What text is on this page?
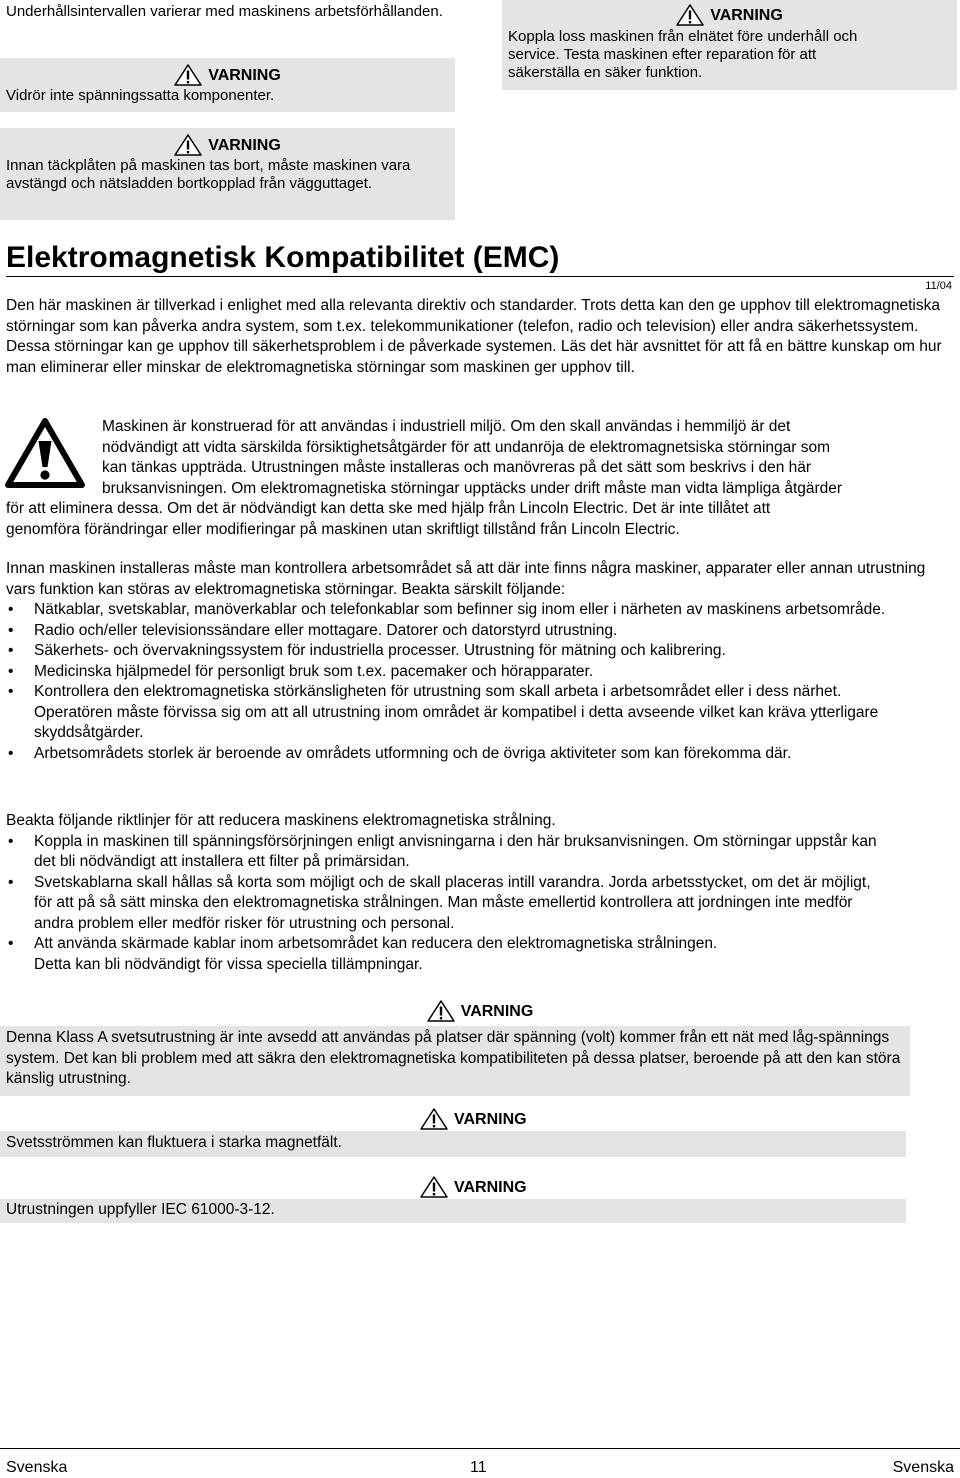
Underhållsintervallen varierar med maskinens arbetsförhållanden.
VARNING
Vidrör inte spänningssatta komponenter.
VARNING
Koppla loss maskinen från elnätet före underhåll och service. Testa maskinen efter reparation för att säkerställa en säker funktion.
VARNING
Innan täckplåten på maskinen tas bort, måste maskinen vara avstängd och nätsladden bortkopplad från vägguttaget.
Elektromagnetisk Kompatibilitet (EMC)
11/04
Den här maskinen är tillverkad i enlighet med alla relevanta direktiv och standarder. Trots detta kan den ge upphov till elektromagnetiska störningar som kan påverka andra system, som t.ex. telekommunikationer (telefon, radio och television) eller andra säkerhetssystem. Dessa störningar kan ge upphov till säkerhetsproblem i de påverkade systemen. Läs det här avsnittet för att få en bättre kunskap om hur man eliminerar eller minskar de elektromagnetiska störningar som maskinen ger upphov till.
Maskinen är konstruerad för att användas i industriell miljö. Om den skall användas i hemmiljö är det
nödvändigt att vidta särskilda försiktighetsåtgärder för att undanröja de elektromagnetsiska störningar som
kan tänkas uppträda. Utrustningen måste installeras och manövreras på det sätt som beskrivs i den här
bruksanvisningen. Om elektromagnetiska störningar upptäcks under drift måste man vidta lämpliga åtgärder
för att eliminera dessa. Om det är nödvändigt kan detta ske med hjälp från Lincoln Electric. Det är inte tillåtet att
genomföra förändringar eller modifieringar på maskinen utan skriftligt tillstånd från Lincoln Electric.

Innan maskinen installeras måste man kontrollera arbetsområdet så att där inte finns några maskiner, apparater eller annan utrustning vars funktion kan störas av elektromagnetiska störningar. Beakta särskilt följande:

• Nätkablar, svetskablar, manöverkablar och telefonkablar som befinner sig inom eller i närheten av maskinens arbetsområde.
• Radio och/eller televisionssändare eller mottagare. Datorer och datorstyrd utrustning.
• Säkerhets- och övervakningssystem för industriella processer. Utrustning för mätning och kalibrering.
• Medicinska hjälpmedel för personligt bruk som t.ex. pacemaker och hörapparater.
• Kontrollera den elektromagnetiska störkänsligheten för utrustning som skall arbeta i arbetsområdet eller i dess närhet. Operatören måste förvissa sig om att all utrustning inom området är kompatibel i detta avseende vilket kan kräva ytterligare skyddsåtgärder.
• Arbetsområdets storlek är beroende av områdets utformning och de övriga aktiviteter som kan förekomma där.

Beakta följande riktlinjer för att reducera maskinens elektromagnetiska strålning.

• Koppla in maskinen till spänningsförsörjningen enligt anvisningarna i den här bruksanvisningen. Om störningar uppstår kan det bli nödvändigt att installera ett filter på primärsidan.
• Svetskablarna skall hållas så korta som möjligt och de skall placeras intill varandra. Jorda arbetsstycket, om det är möjligt, för att på så sätt minska den elektromagnetiska strålningen. Man måste emellertid kontrollera att jordningen inte medför andra problem eller medför risker för utrustning och personal.
• Att använda skärmade kablar inom arbetsområdet kan reducera den elektromagnetiska strålningen.
Detta kan bli nödvändigt för vissa speciella tillämpningar.
VARNING
Denna Klass A svetsutrustning är inte avsedd att användas på platser där spänning (volt) kommer från ett nät med låg-spännings system. Det kan bli problem med att säkra den elektromagnetiska kompatibiliteten på dessa platser, beroende på att den kan störa känslig utrustning.
VARNING
Svetsströmmen kan fluktuera i starka magnetfält.
VARNING
Utrustningen uppfyller IEC 61000-3-12.
Svenska	11	Svenska
